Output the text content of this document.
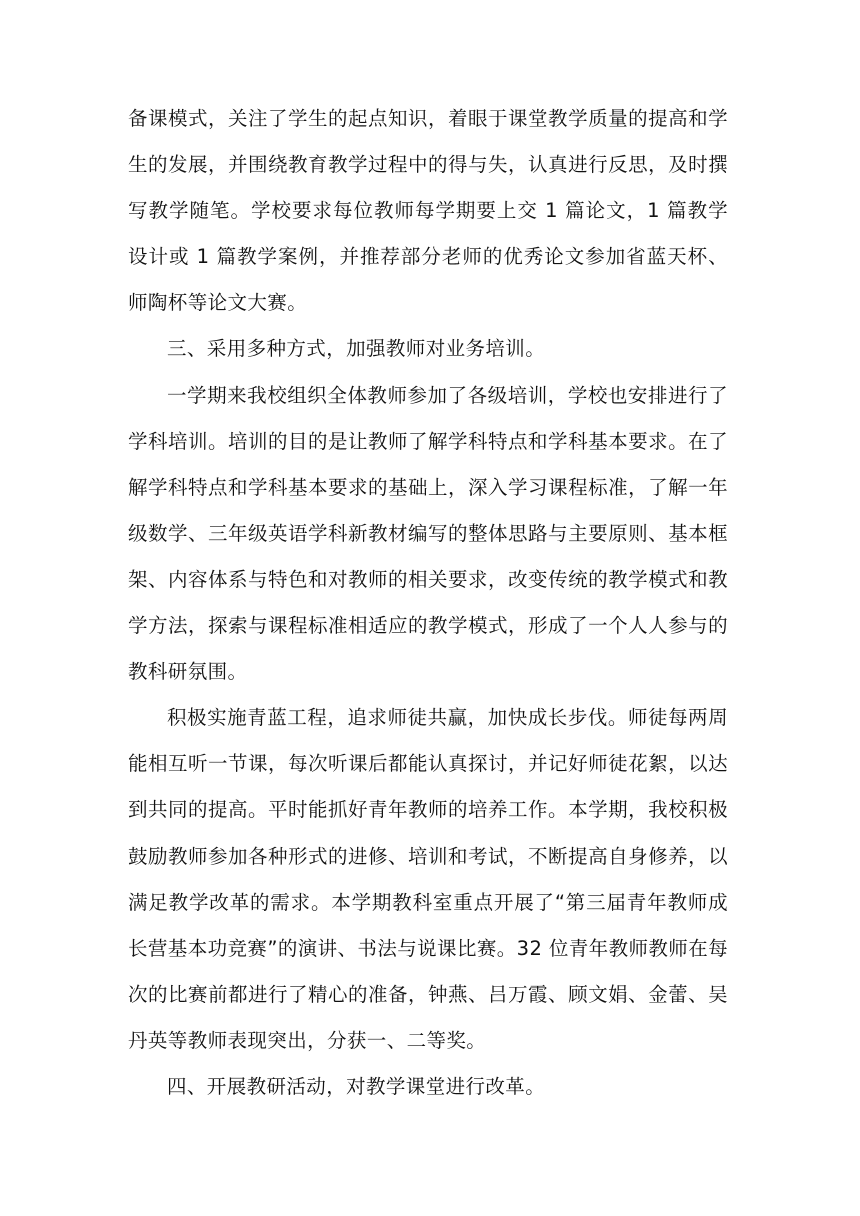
备课模式，关注了学生的起点知识，着眼于课堂教学质量的提高和学生的发展，并围绕教育教学过程中的得与失，认真进行反思，及时撰写教学随笔。学校要求每位教师每学期要上交 1 篇论文，1 篇教学设计或 1 篇教学案例，并推荐部分老师的优秀论文参加省蓝天杯、师陶杯等论文大赛。

三、采用多种方式，加强教师对业务培训。

一学期来我校组织全体教师参加了各级培训，学校也安排进行了学科培训。培训的目的是让教师了解学科特点和学科基本要求。在了解学科特点和学科基本要求的基础上，深入学习课程标准，了解一年级数学、三年级英语学科新教材编写的整体思路与主要原则、基本框架、内容体系与特色和对教师的相关要求，改变传统的教学模式和教学方法，探索与课程标准相适应的教学模式，形成了一个人人参与的教科研氛围。

积极实施青蓝工程，追求师徒共赢，加快成长步伐。师徒每两周能相互听一节课，每次听课后都能认真探讨，并记好师徒花絮，以达到共同的提高。平时能抓好青年教师的培养工作。本学期，我校积极鼓励教师参加各种形式的进修、培训和考试，不断提高自身修养，以满足教学改革的需求。本学期教科室重点开展了“第三届青年教师成长营基本功竞赛”的演讲、书法与说课比赛。32 位青年教师教师在每次的比赛前都进行了精心的准备，钟燕、吕万霞、顾文娟、金蕾、吴丹英等教师表现突出，分获一、二等奖。

四、开展教研活动，对教学课堂进行改革。
